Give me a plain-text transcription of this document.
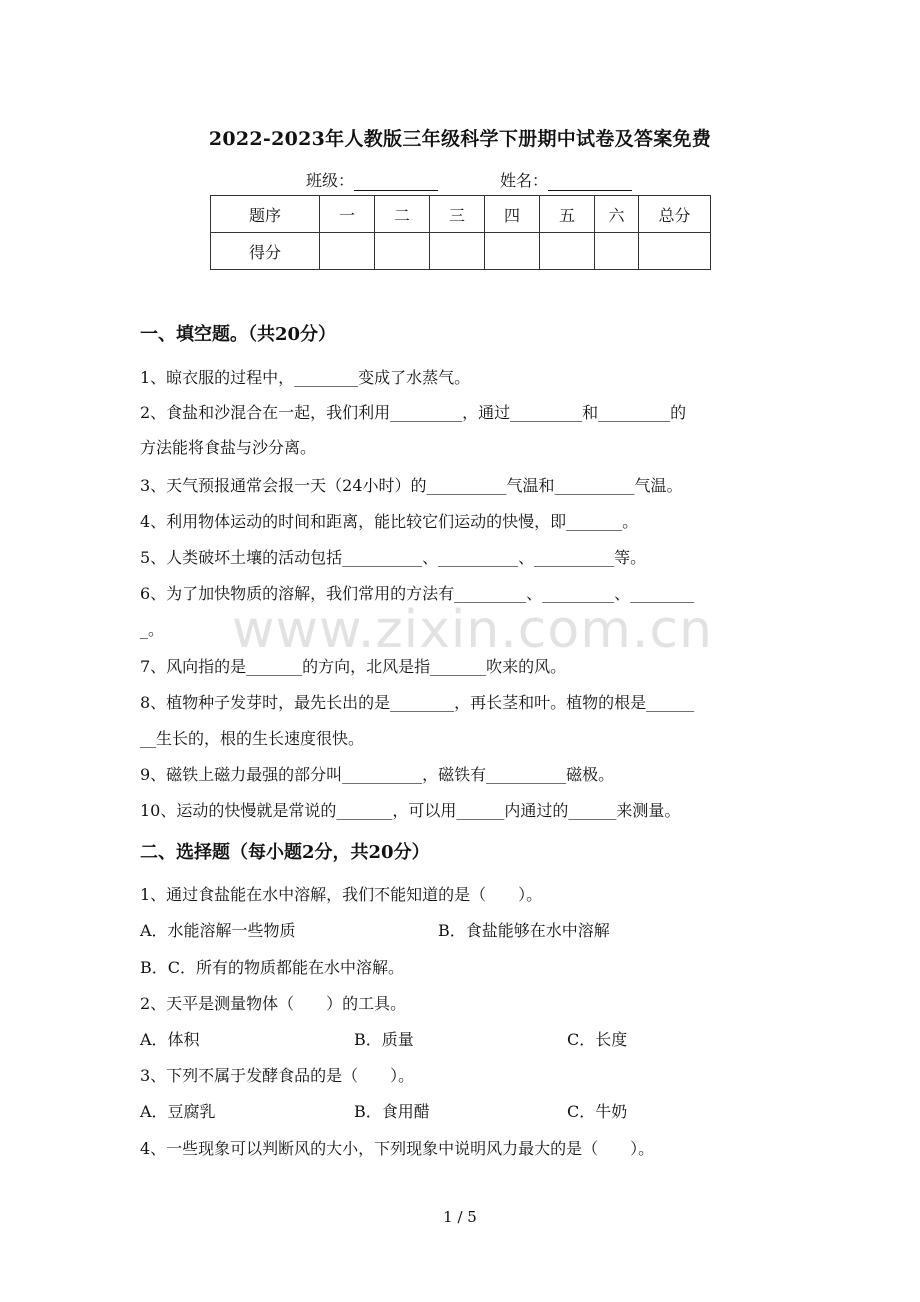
2022-2023年人教版三年级科学下册期中试卷及答案免费
班级：	姓名：
题序	一	二	三	四	五	六	总分
得分							
一、填空题。（共20分）
1、晾衣服的过程中，________变成了水蒸气。
2、食盐和沙混合在一起，我们利用_________，通过_________和_________的
方法能将食盐与沙分离。
3、天气预报通常会报一天（24小时）的__________气温和__________气温。
4、利用物体运动的时间和距离，能比较它们运动的快慢，即_______。
5、人类破坏土壤的活动包括__________、__________、__________等。
6、为了加快物质的溶解，我们常用的方法有_________、_________、________
_。
7、风向指的是_______的方向，北风是指_______吹来的风。
8、植物种子发芽时，最先长出的是________，再长茎和叶。植物的根是______
__生长的，根的生长速度很快。
9、磁铁上磁力最强的部分叫__________，磁铁有__________磁极。
10、运动的快慢就是常说的_______，可以用______内通过的______来测量。
www.zixin.com.cn
二、选择题（每小题2分，共20分）
1、通过食盐能在水中溶解，我们不能知道的是（　　）。
A．水能溶解一些物质	B．食盐能够在水中溶解
B．C．所有的物质都能在水中溶解。
2、天平是测量物体（　　）的工具。
A．体积	B．质量	C．长度
3、下列不属于发酵食品的是（　　）。
A．豆腐乳	B．食用醋	C．牛奶
4、一些现象可以判断风的大小，下列现象中说明风力最大的是（　　）。
1 / 5
